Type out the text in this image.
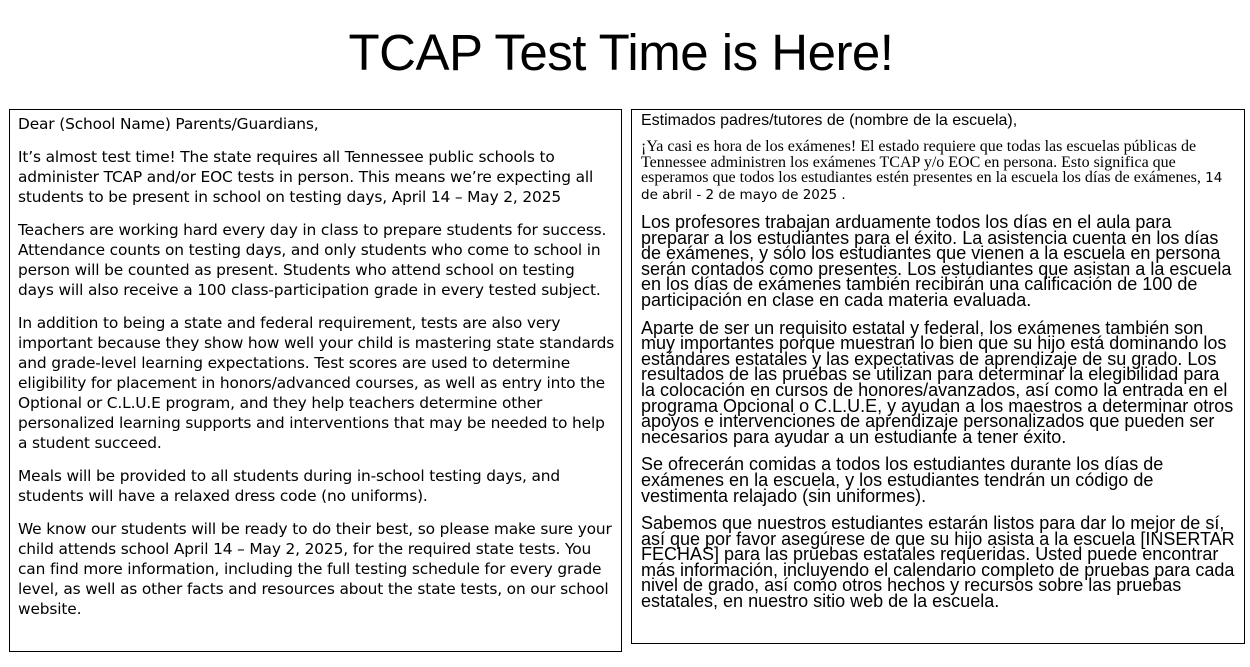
TCAP Test Time is Here!

Dear (School Name) Parents/Guardians,

It’s almost test time! The state requires all Tennessee public schools to administer TCAP and/or EOC tests in person. This means we’re expecting all students to be present in school on testing days, April 14 – May 2, 2025

Teachers are working hard every day in class to prepare students for success. Attendance counts on testing days, and only students who come to school in person will be counted as present. Students who attend school on testing days will also receive a 100 class-participation grade in every tested subject.

In addition to being a state and federal requirement, tests are also very important because they show how well your child is mastering state standards and grade-level learning expectations. Test scores are used to determine eligibility for placement in honors/advanced courses, as well as entry into the Optional or C.L.U.E program, and they help teachers determine other personalized learning supports and interventions that may be needed to help a student succeed.

Meals will be provided to all students during in-school testing days, and students will have a relaxed dress code (no uniforms).

We know our students will be ready to do their best, so please make sure your child attends school April 14 – May 2, 2025, for the required state tests. You can find more information, including the full testing schedule for every grade level, as well as other facts and resources about the state tests, on our school website.

Estimados padres/tutores de (nombre de la escuela),

¡Ya casi es hora de los exámenes! El estado requiere que todas las escuelas públicas de Tennessee administren los exámenes TCAP y/o EOC en persona. Esto significa que esperamos que todos los estudiantes estén presentes en la escuela los días de exámenes, 14 de abril - 2 de mayo de 2025 .

Los profesores trabajan arduamente todos los días en el aula para preparar a los estudiantes para el éxito. La asistencia cuenta en los días de exámenes, y sólo los estudiantes que vienen a la escuela en persona serán contados como presentes. Los estudiantes que asistan a la escuela en los días de exámenes también recibirán una calificación de 100 de participación en clase en cada materia evaluada.

Aparte de ser un requisito estatal y federal, los exámenes también son muy importantes porque muestran lo bien que su hijo está dominando los estándares estatales y las expectativas de aprendizaje de su grado. Los resultados de las pruebas se utilizan para determinar la elegibilidad para la colocación en cursos de honores/avanzados, así como la entrada en el programa Opcional o C.L.U.E, y ayudan a los maestros a determinar otros apoyos e intervenciones de aprendizaje personalizados que pueden ser necesarios para ayudar a un estudiante a tener éxito.

Se ofrecerán comidas a todos los estudiantes durante los días de exámenes en la escuela, y los estudiantes tendrán un código de vestimenta relajado (sin uniformes).

Sabemos que nuestros estudiantes estarán listos para dar lo mejor de sí, así que por favor asegúrese de que su hijo asista a la escuela [INSERTAR FECHAS] para las pruebas estatales requeridas. Usted puede encontrar más información, incluyendo el calendario completo de pruebas para cada nivel de grado, así como otros hechos y recursos sobre las pruebas estatales, en nuestro sitio web de la escuela.
